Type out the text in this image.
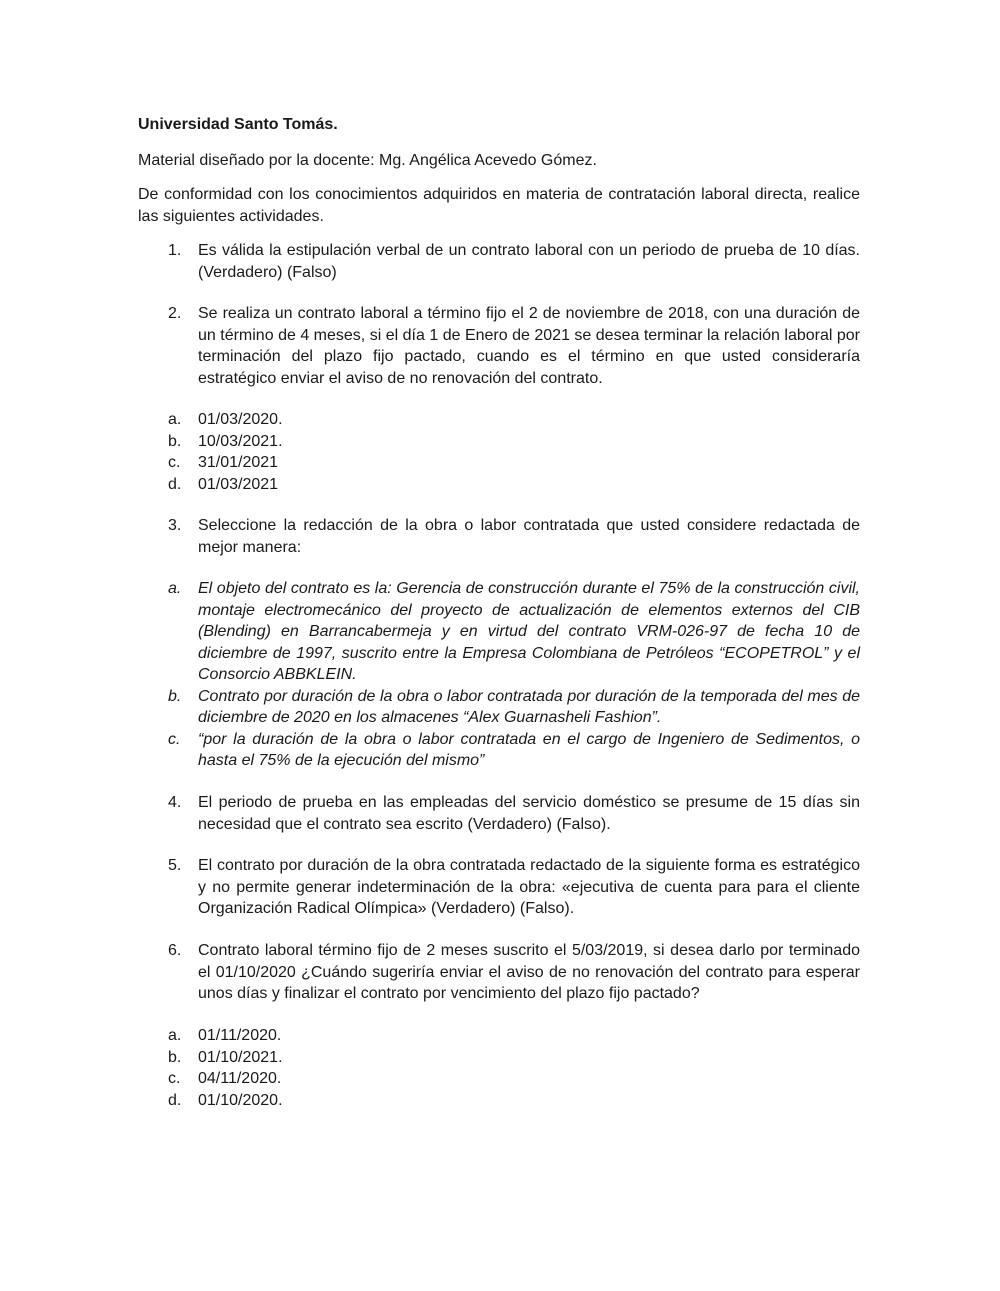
Universidad Santo Tomás.

Material diseñado por la docente: Mg. Angélica Acevedo Gómez.

De conformidad con los conocimientos adquiridos en materia de contratación laboral directa, realice las siguientes actividades.

1. Es válida la estipulación verbal de un contrato laboral con un periodo de prueba de 10 días. (Verdadero) (Falso)
2. Se realiza un contrato laboral a término fijo el 2 de noviembre de 2018, con una duración de un término de 4 meses, si el día 1 de Enero de 2021 se desea terminar la relación laboral por terminación del plazo fijo pactado, cuando es el término en que usted consideraría estratégico enviar el aviso de no renovación del contrato.
a. 01/03/2020.
b. 10/03/2021.
c. 31/01/2021
d. 01/03/2021
3. Seleccione la redacción de la obra o labor contratada que usted considere redactada de mejor manera:
a. El objeto del contrato es la: Gerencia de construcción durante el 75% de la construcción civil, montaje electromecánico del proyecto de actualización de elementos externos del CIB (Blending) en Barrancabermeja y en virtud del contrato VRM-026-97 de fecha 10 de diciembre de 1997, suscrito entre la Empresa Colombiana de Petróleos “ECOPETROL” y el Consorcio ABBKLEIN.
b. Contrato por duración de la obra o labor contratada por duración de la temporada del mes de diciembre de 2020 en los almacenes “Alex Guarnasheli Fashion”.
c. “por la duración de la obra o labor contratada en el cargo de Ingeniero de Sedimentos, o hasta el 75% de la ejecución del mismo”
4. El periodo de prueba en las empleadas del servicio doméstico se presume de 15 días sin necesidad que el contrato sea escrito (Verdadero) (Falso).
5. El contrato por duración de la obra contratada redactado de la siguiente forma es estratégico y no permite generar indeterminación de la obra: «ejecutiva de cuenta para para el cliente Organización Radical Olímpica» (Verdadero) (Falso).
6. Contrato laboral término fijo de 2 meses suscrito el 5/03/2019, si desea darlo por terminado el 01/10/2020 ¿Cuándo sugeriría enviar el aviso de no renovación del contrato para esperar unos días y finalizar el contrato por vencimiento del plazo fijo pactado?
a. 01/11/2020.
b. 01/10/2021.
c. 04/11/2020.
d. 01/10/2020.
